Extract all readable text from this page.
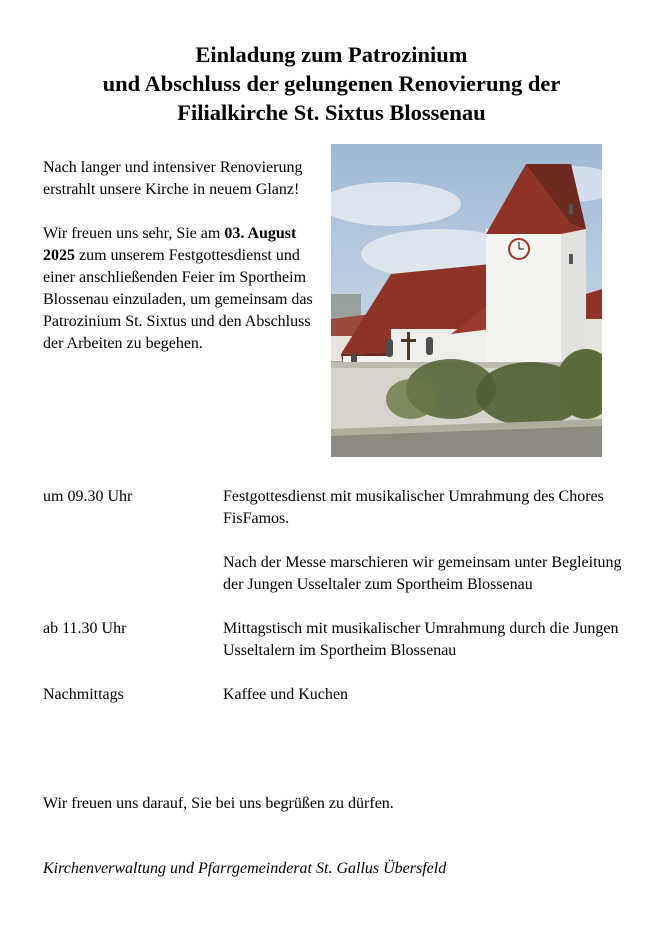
Einladung zum Patrozinium
und Abschluss der gelungenen Renovierung der
Filialkirche St. Sixtus Blossenau

Nach langer und intensiver Renovierung erstrahlt unsere Kirche in neuem Glanz!

Wir freuen uns sehr, Sie am 03. August 2025 zum unserem Festgottesdienst und einer anschließenden Feier im Sportheim Blossenau einzuladen, um gemeinsam das Patrozinium St. Sixtus und den Abschluss der Arbeiten zu begehen.

um 09.30 Uhr	Festgottesdienst mit musikalischer Umrahmung des Chores FisFamos.

Nach der Messe marschieren wir gemeinsam unter Begleitung der Jungen Usseltaler zum Sportheim Blossenau

ab 11.30 Uhr	Mittagstisch mit musikalischer Umrahmung durch die Jungen Usseltalern im Sportheim Blossenau

Nachmittags	Kaffee und Kuchen

Wir freuen uns darauf, Sie bei uns begrüßen zu dürfen.
Kirchenverwaltung und Pfarrgemeinderat St. Gallus Übersfeld
